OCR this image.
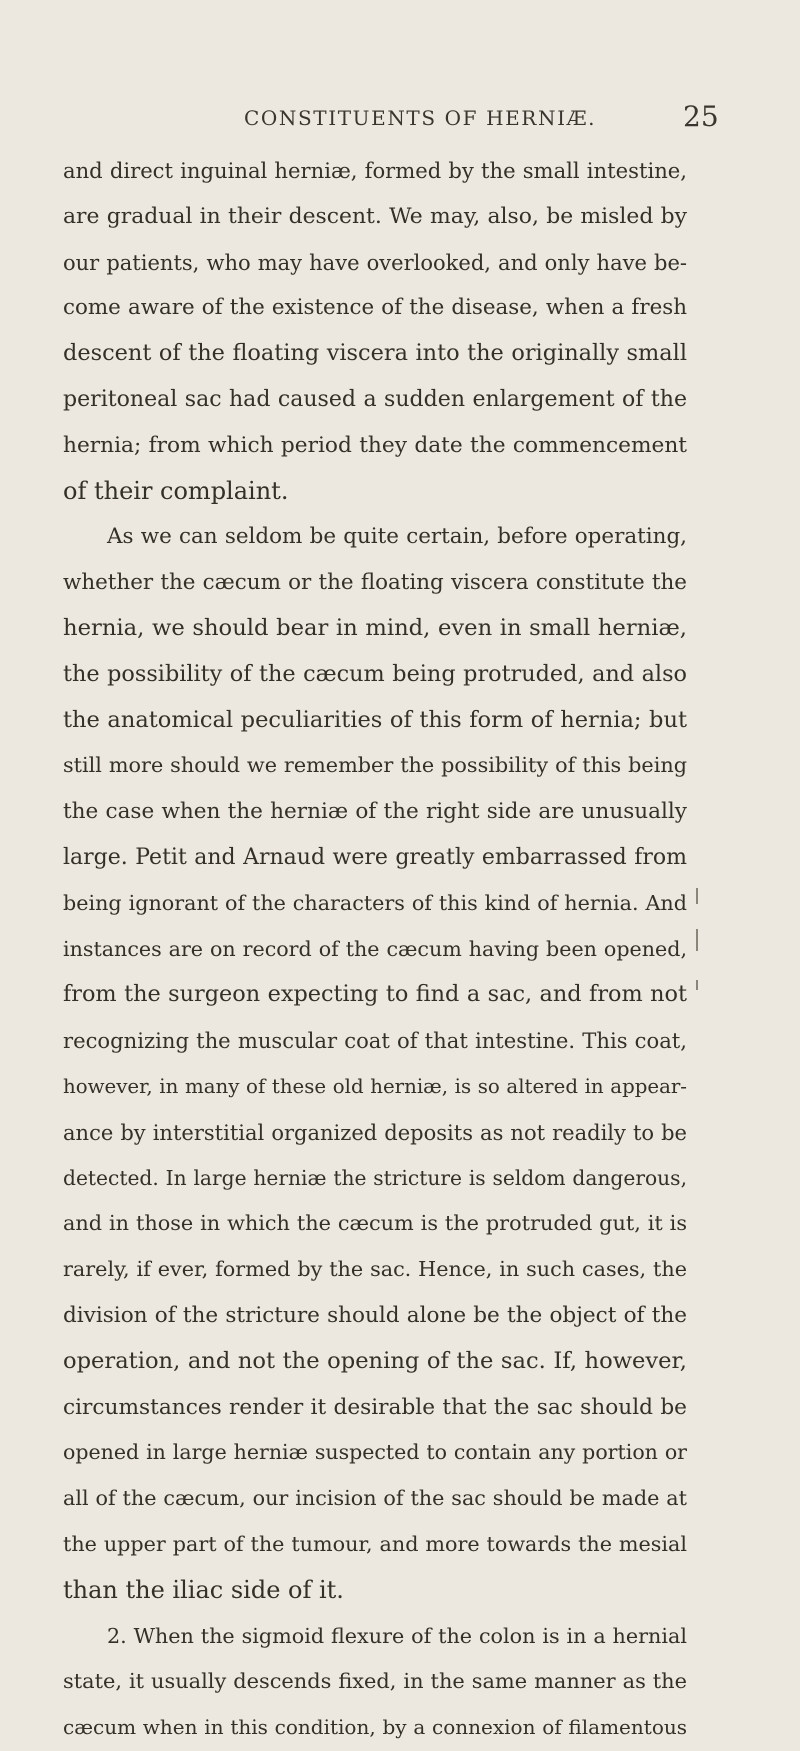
CONSTITUENTS OF HERNIÆ.	25
and direct inguinal herniæ, formed by the small intestine,
are gradual in their descent. We may, also, be misled by
our patients, who may have overlooked, and only have be-
come aware of the existence of the disease, when a fresh
descent of the floating viscera into the originally small
peritoneal sac had caused a sudden enlargement of the
hernia; from which period they date the commencement
of their complaint.
As we can seldom be quite certain, before operating,
whether the cæcum or the floating viscera constitute the
hernia, we should bear in mind, even in small herniæ,
the possibility of the cæcum being protruded, and also
the anatomical peculiarities of this form of hernia; but
still more should we remember the possibility of this being
the case when the herniæ of the right side are unusually
large. Petit and Arnaud were greatly embarrassed from
being ignorant of the characters of this kind of hernia. And
instances are on record of the cæcum having been opened,
from the surgeon expecting to find a sac, and from not
recognizing the muscular coat of that intestine. This coat,
however, in many of these old herniæ, is so altered in appear-
ance by interstitial organized deposits as not readily to be
detected. In large herniæ the stricture is seldom dangerous,
and in those in which the cæcum is the protruded gut, it is
rarely, if ever, formed by the sac. Hence, in such cases, the
division of the stricture should alone be the object of the
operation, and not the opening of the sac. If, however,
circumstances render it desirable that the sac should be
opened in large herniæ suspected to contain any portion or
all of the cæcum, our incision of the sac should be made at
the upper part of the tumour, and more towards the mesial
than the iliac side of it.
2. When the sigmoid flexure of the colon is in a hernial
state, it usually descends fixed, in the same manner as the
cæcum when in this condition, by a connexion of filamentous
